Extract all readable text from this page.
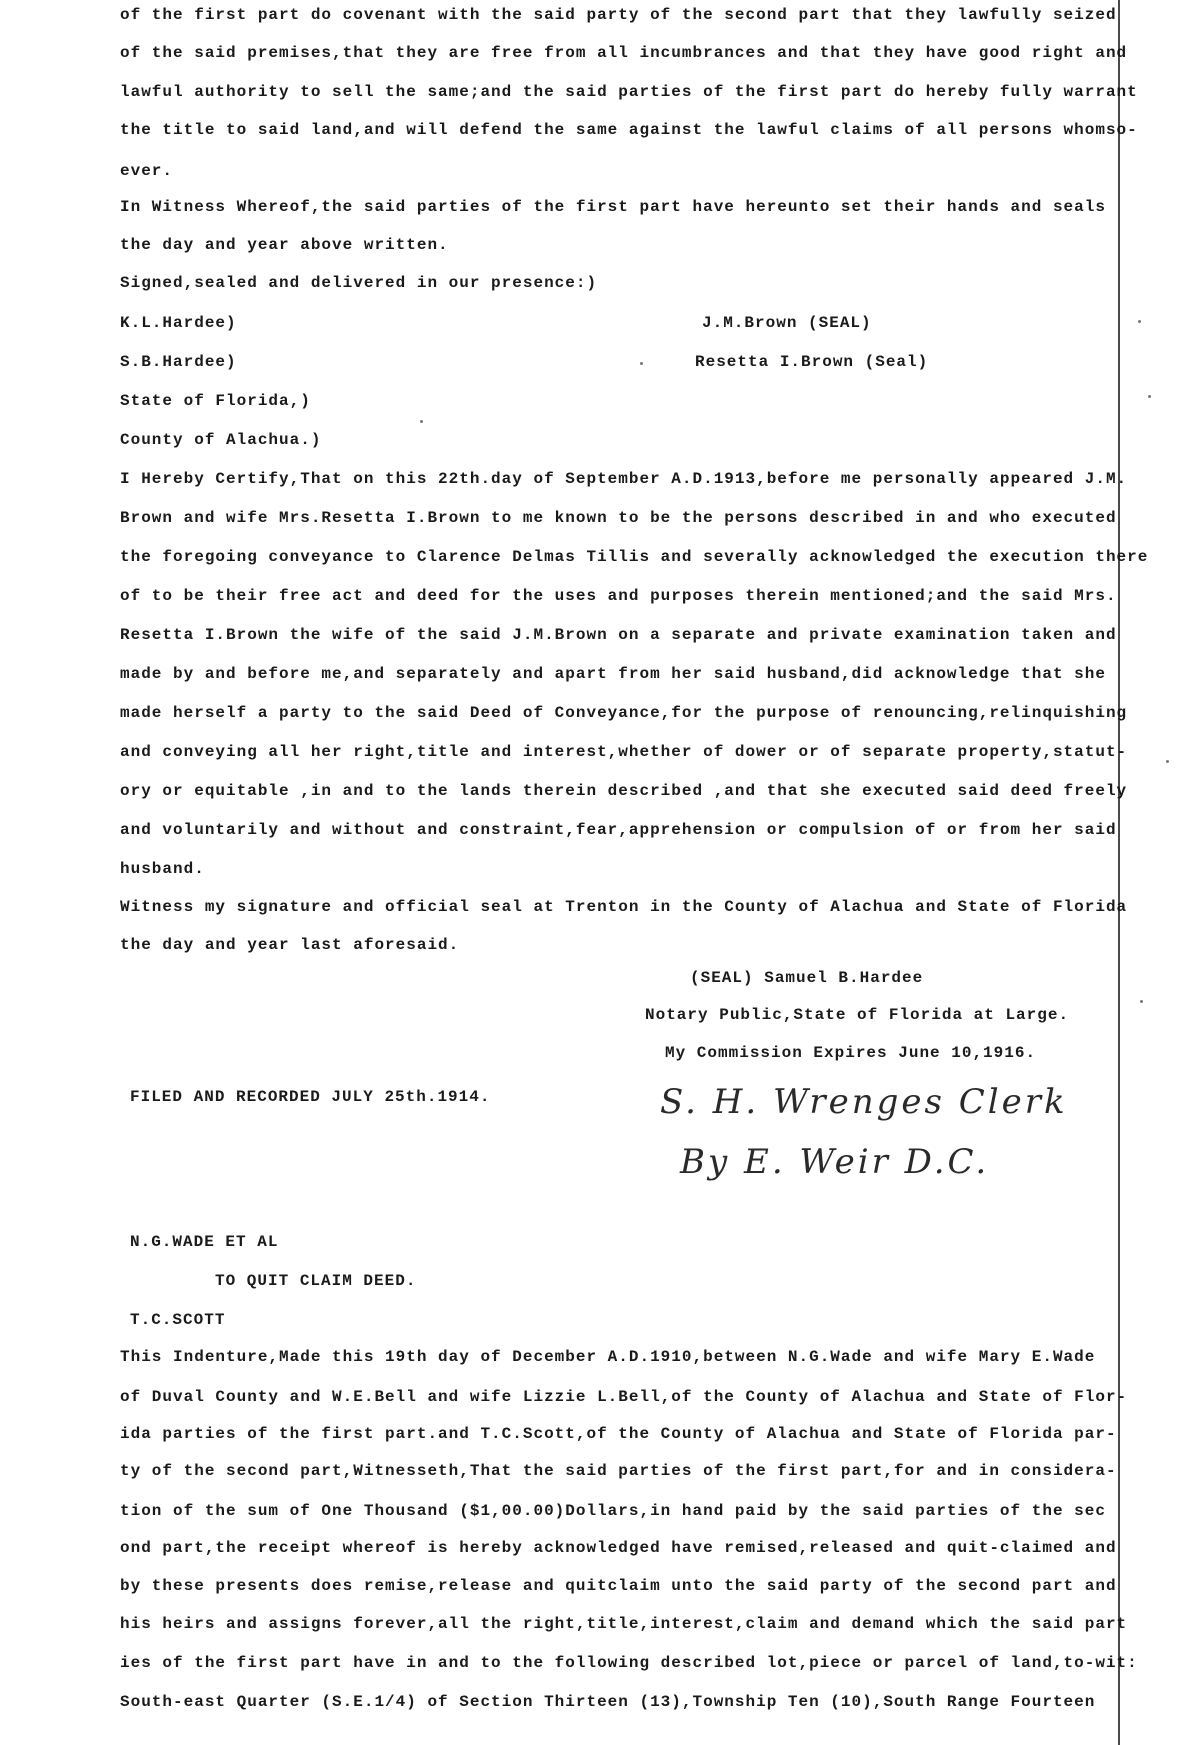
of the first part do covenant with the said party of the second part that they lawfully seized
of the said premises,that they are free from all incumbrances and that they have good right and
lawful authority to sell the same;and the said parties of the first part do hereby fully warrant
the title to said land,and will defend the same against the lawful claims of all persons whomso-
ever.
In Witness Whereof,the said parties of the first part have hereunto set their hands and seals
the day and year above written.
Signed,sealed and delivered in our presence:)
K.L.Hardee)	J.M.Brown (SEAL)
S.B.Hardee)	Resetta I.Brown (Seal)
State of Florida,)
County of Alachua.)
I Hereby Certify,That on this 22th.day of September A.D.1913,before me personally appeared J.M.
Brown and wife Mrs.Resetta I.Brown to me known to be the persons described in and who executed
the foregoing conveyance to Clarence Delmas Tillis and severally acknowledged the execution there
of to be their free act and deed for the uses and purposes therein mentioned;and the said Mrs.
Resetta I.Brown the wife of the said J.M.Brown on a separate and private examination taken and
made by and before me,and separately and apart from her said husband,did acknowledge that she
made herself a party to the said Deed of Conveyance,for the purpose of renouncing,relinquishing
and conveying all her right,title and interest,whether of dower or of separate property,statut-
ory or equitable ,in and to the lands therein described ,and that she executed said deed freely
and voluntarily and without and constraint,fear,apprehension or compulsion of or from her said
husband.
Witness my signature and official seal at Trenton in the County of Alachua and State of Florida
the day and year last aforesaid.
(SEAL) Samuel B.Hardee
Notary Public,State of Florida at Large.
My Commission Expires June 10,1916.
FILED AND RECORDED JULY 25th.1914.	S. H. Wrenges Clerk
By E. Weir D.C.
N.G.WADE ET AL
TO QUIT CLAIM DEED.
T.C.SCOTT
This Indenture,Made this 19th day of December A.D.1910,between N.G.Wade and wife Mary E.Wade
of Duval County and W.E.Bell and wife Lizzie L.Bell,of the County of Alachua and State of Flor-
ida parties of the first part.and T.C.Scott,of the County of Alachua and State of Florida par-
ty of the second part,Witnesseth,That the said parties of the first part,for and in considera-
tion of the sum of One Thousand ($1,00.00)Dollars,in hand paid by the said parties of the sec
ond part,the receipt whereof is hereby acknowledged have remised,released and quit-claimed and
by these presents does remise,release and quitclaim unto the said party of the second part and
his heirs and assigns forever,all the right,title,interest,claim and demand which the said part
ies of the first part have in and to the following described lot,piece or parcel of land,to-wit:
South-east Quarter (S.E.1/4) of Section Thirteen (13),Township Ten (10),South Range Fourteen
